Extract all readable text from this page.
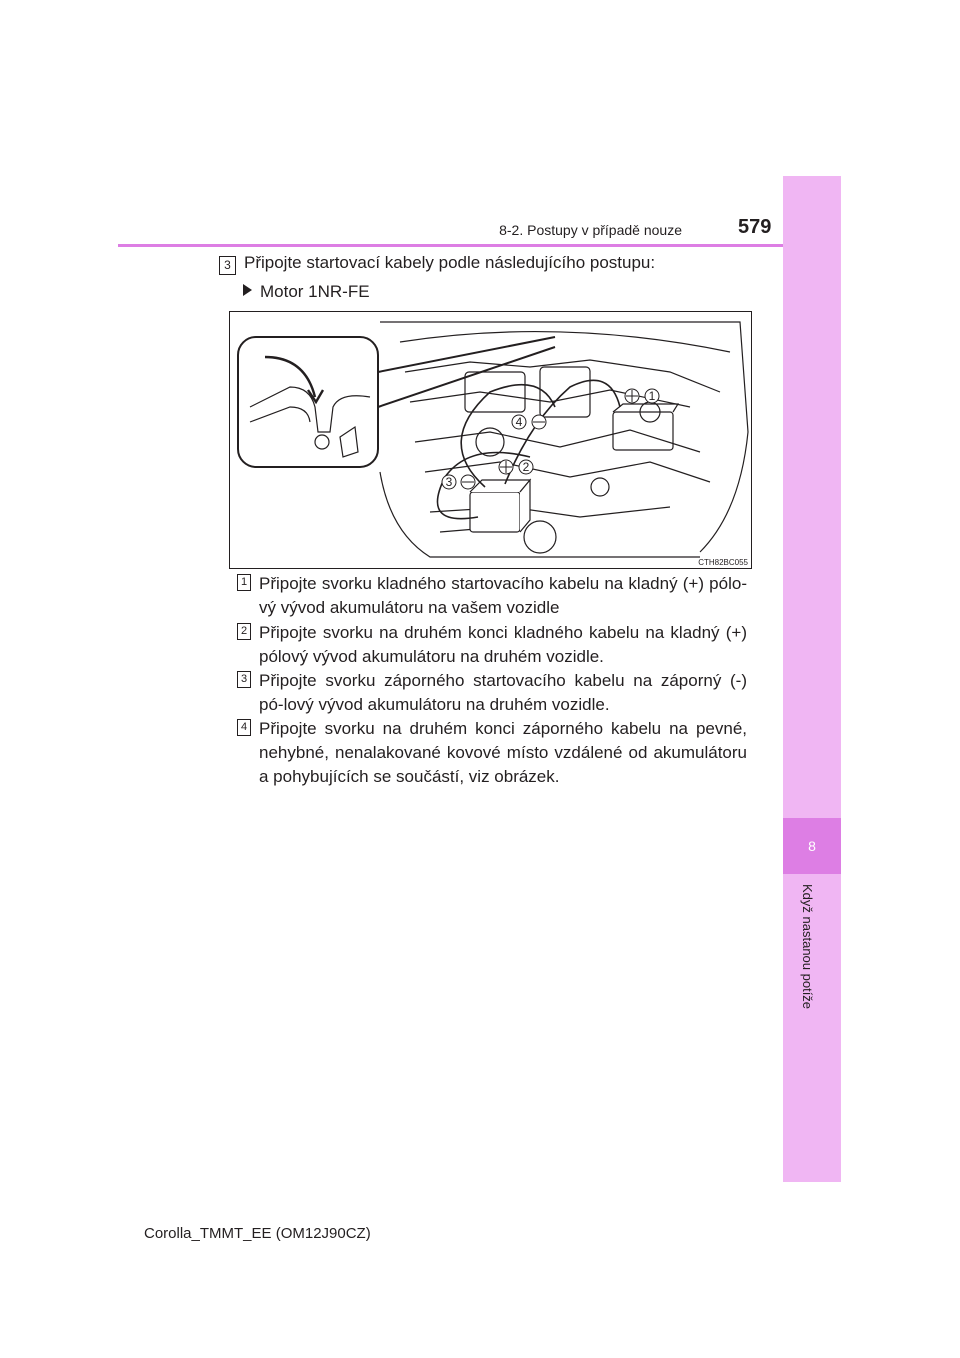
8
Když nastanou potíže
8-2. Postupy v případě nouze	579
3 Připojte startovací kabely podle následujícího postupu:
Motor 1NR-FE
1
4
2
3
CTH82BC055
1 Připojte svorku kladného startovacího kabelu na kladný (+) pólo-vý vývod akumulátoru na vašem vozidle
2 Připojte svorku na druhém konci kladného kabelu na kladný (+) pólový vývod akumulátoru na druhém vozidle.
3 Připojte svorku záporného startovacího kabelu na záporný (-) pó-lový vývod akumulátoru na druhém vozidle.
4 Připojte svorku na druhém konci záporného kabelu na pevné, nehybné, nenalakované kovové místo vzdálené od akumulátoru a pohybujících se součástí, viz obrázek.
Corolla_TMMT_EE (OM12J90CZ)
